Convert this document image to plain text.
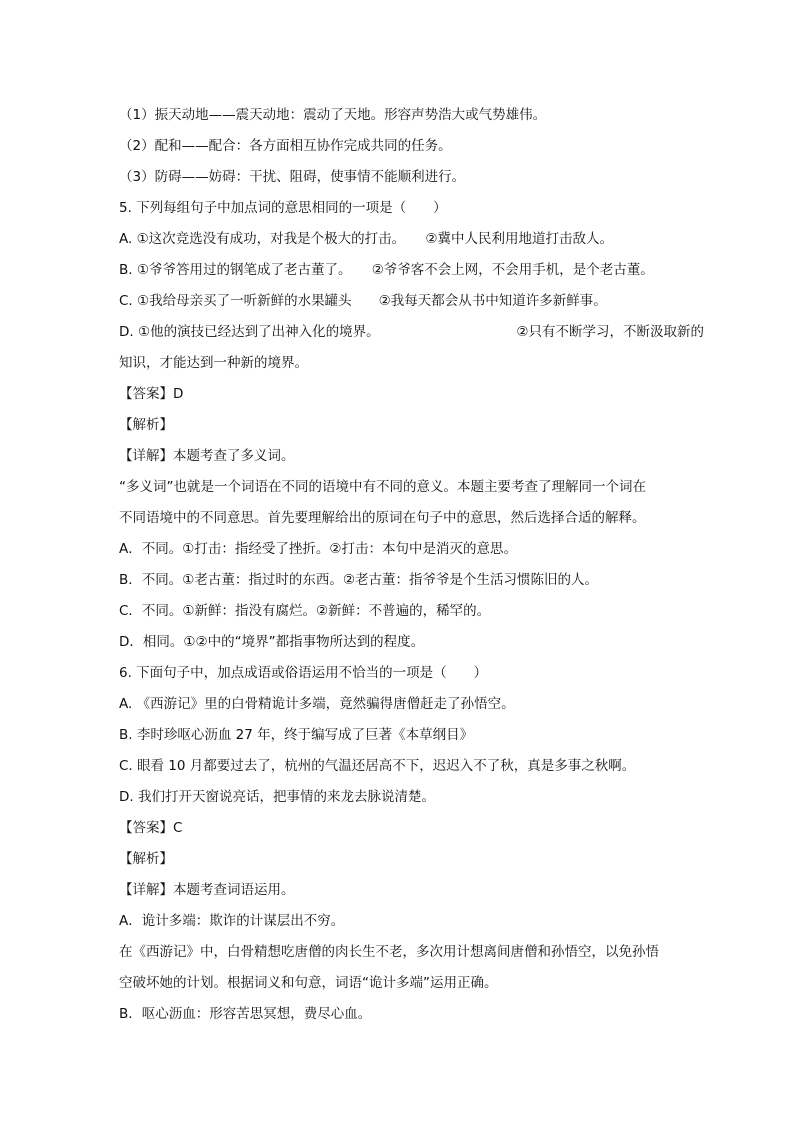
（1）振天动地——震天动地：震动了天地。形容声势浩大或气势雄伟。

（2）配和——配合：各方面相互协作完成共同的任务。

（3）防碍——妨碍：干扰、阻碍，使事情不能顺利进行。

5. 下列每组句子中加点词的意思相同的一项是（　　）

A. ①这次竞选没有成功，对我是个极大的打击。　　②冀中人民利用地道打击敌人。

B. ①爷爷答用过的钢笔成了老古董了。　　②爷爷客不会上网，不会用手机，是个老古董。

C. ①我给母亲买了一听新鲜的水果罐头　　②我每天都会从书中知道许多新鲜事。

D. ①他的演技已经达到了出神入化的境界。	②只有不断学习，不断汲取新的

知识，才能达到一种新的境界。

【答案】D

【解析】

【详解】本题考查了多义词。

“多义词”也就是一个词语在不同的语境中有不同的意义。本题主要考查了理解同一个词在

不同语境中的不同意思。首先要理解给出的原词在句子中的意思，然后选择合适的解释。

A．不同。①打击：指经受了挫折。②打击：本句中是消灭的意思。

B．不同。①老古董：指过时的东西。②老古董：指爷爷是个生活习惯陈旧的人。

C．不同。①新鲜：指没有腐烂。②新鲜：不普遍的，稀罕的。

D．相同。①②中的“境界”都指事物所达到的程度。

6. 下面句子中，加点成语或俗语运用不恰当的一项是（　　）

A. 《西游记》里的白骨精诡计多端，竟然骗得唐僧赶走了孙悟空。

B. 李时珍呕心沥血 27 年，终于编写成了巨著《本草纲目》

C. 眼看 10 月都要过去了，杭州的气温还居高不下，迟迟入不了秋，真是多事之秋啊。

D. 我们打开天窗说亮话，把事情的来龙去脉说清楚。

【答案】C

【解析】

【详解】本题考查词语运用。

A．诡计多端：欺诈的计谋层出不穷。

在《西游记》中，白骨精想吃唐僧的肉长生不老，多次用计想离间唐僧和孙悟空，以免孙悟

空破坏她的计划。根据词义和句意，词语“诡计多端”运用正确。

B．呕心沥血：形容苦思冥想，费尽心血。
